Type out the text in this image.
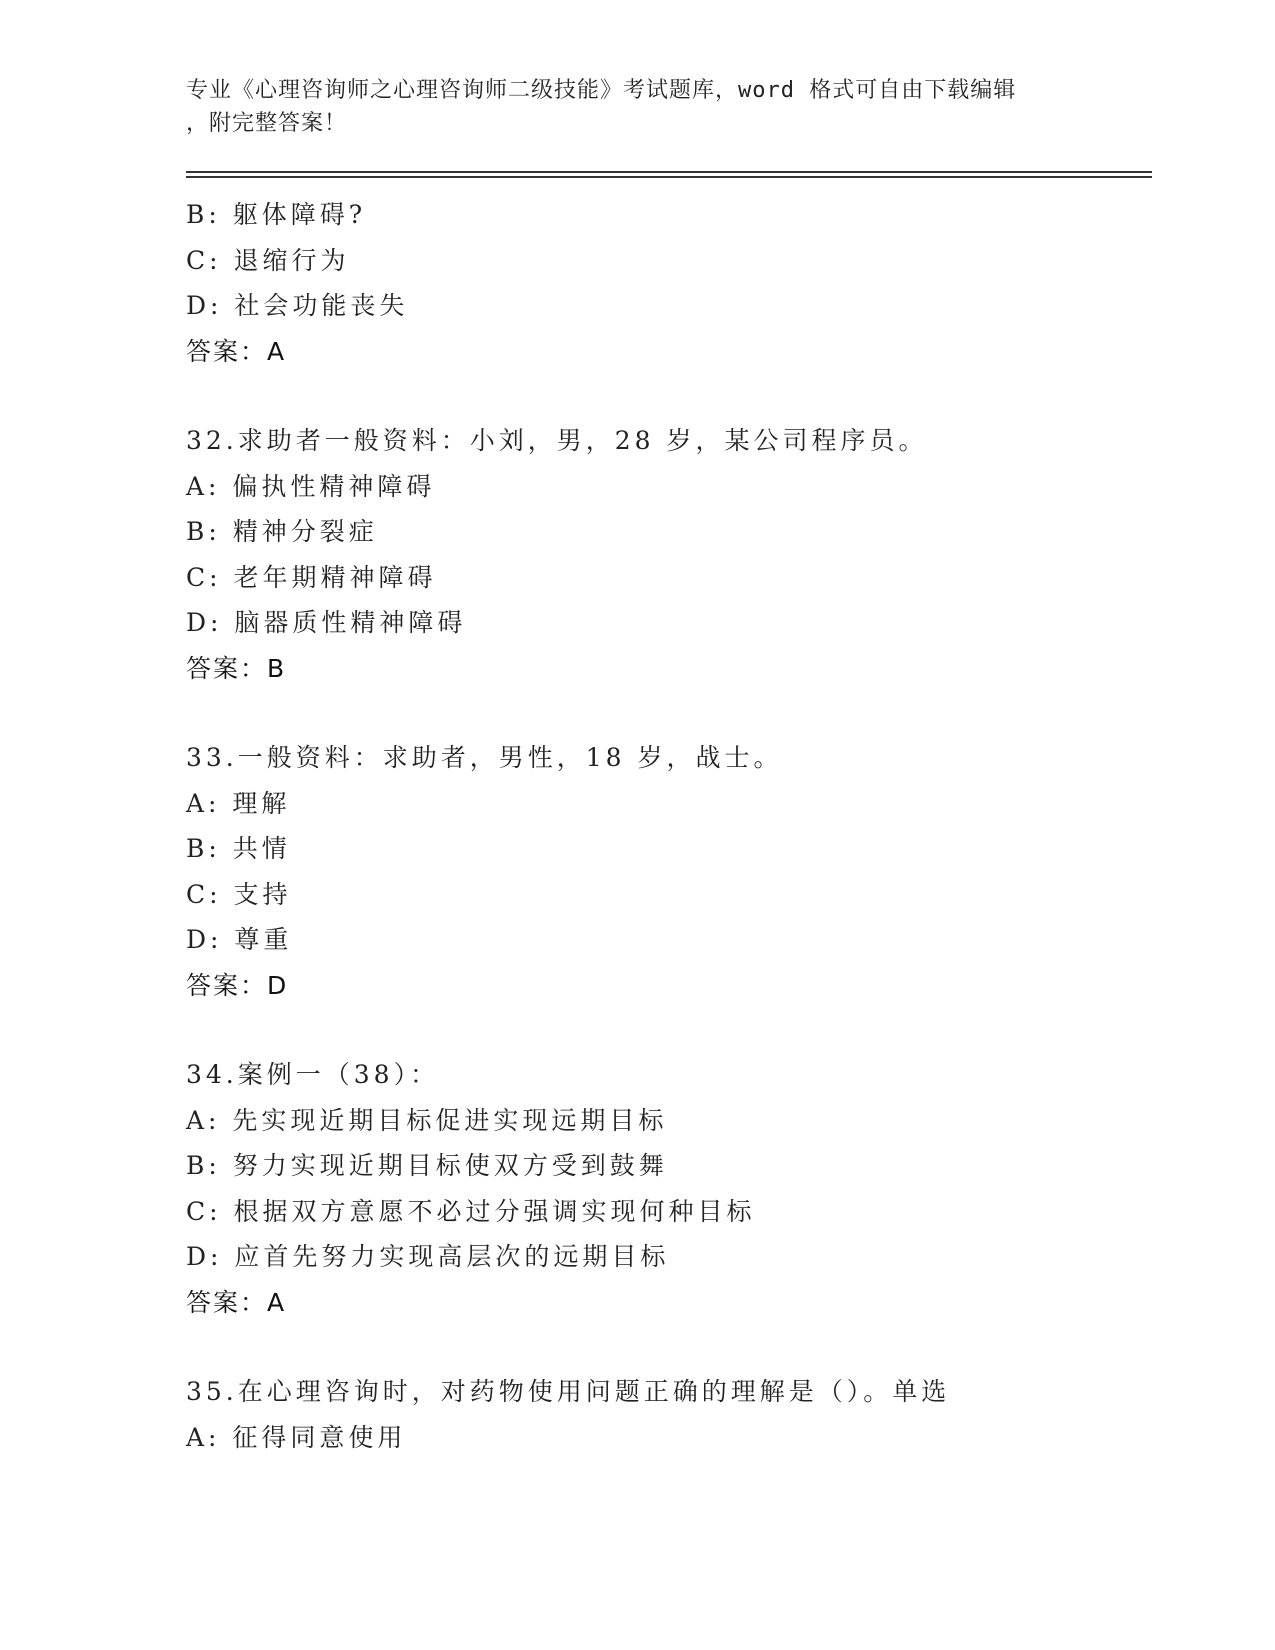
专业《心理咨询师之心理咨询师二级技能》考试题库，word 格式可自由下载编辑

，附完整答案！

B: 躯体障碍?
C: 退缩行为
D: 社会功能丧失
答案：A
32.求助者一般资料：小刘，男，28 岁，某公司程序员。
A: 偏执性精神障碍
B: 精神分裂症
C: 老年期精神障碍
D: 脑器质性精神障碍
答案：B
33.一般资料：求助者，男性，18 岁，战士。
A: 理解
B: 共情
C: 支持
D: 尊重
答案：D
34.案例一（38）：
A: 先实现近期目标促进实现远期目标
B: 努力实现近期目标使双方受到鼓舞
C: 根据双方意愿不必过分强调实现何种目标
D: 应首先努力实现高层次的远期目标
答案：A
35.在心理咨询时，对药物使用问题正确的理解是（）。单选
A: 征得同意使用
